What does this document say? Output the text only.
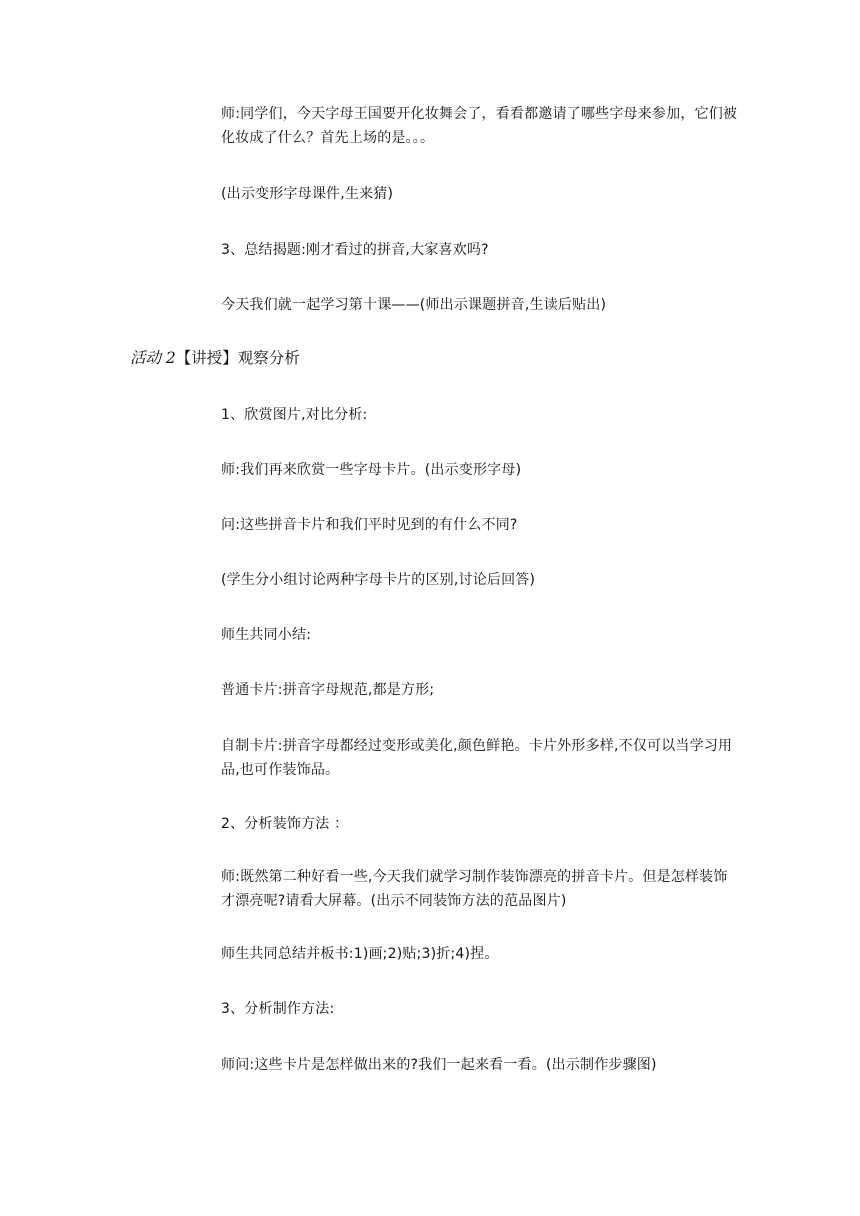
师:同学们，今天字母王国要开化妆舞会了，看看都邀请了哪些字母来参加，它们被化妆成了什么？首先上场的是。。。

(出示变形字母课件,生来猜)

3、总结揭题:刚才看过的拼音,大家喜欢吗?

今天我们就一起学习第十课——(师出示课题拼音,生读后贴出)

活动 2【讲授】观察分析

1、欣赏图片,对比分析:

师:我们再来欣赏一些字母卡片。(出示变形字母)

问:这些拼音卡片和我们平时见到的有什么不同?

(学生分小组讨论两种字母卡片的区别,讨论后回答)

师生共同小结:

普通卡片:拼音字母规范,都是方形;

自制卡片:拼音字母都经过变形或美化,颜色鲜艳。卡片外形多样,不仅可以当学习用品,也可作装饰品。

2、分析装饰方法 ：

师:既然第二种好看一些,今天我们就学习制作装饰漂亮的拼音卡片。但是怎样装饰才漂亮呢?请看大屏幕。(出示不同装饰方法的范品图片)

师生共同总结并板书:1)画;2)贴;3)折;4)捏。

3、分析制作方法:

师问:这些卡片是怎样做出来的?我们一起来看一看。(出示制作步骤图)
